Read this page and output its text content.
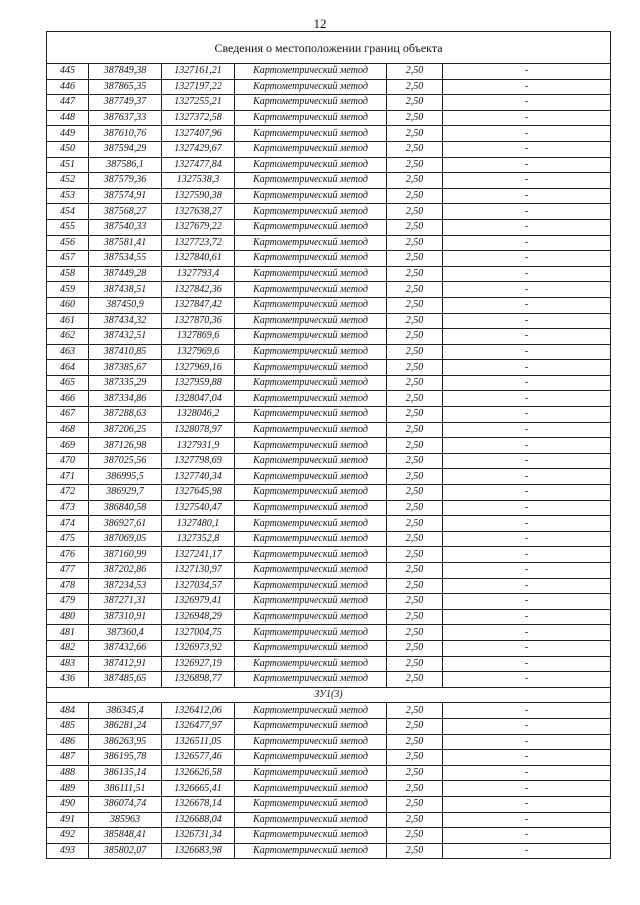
12
Сведения о местоположении границ объекта					
445	387849,38	1327161,21	Картометрический метод	2,50	-
446	387865,35	1327197,22	Картометрический метод	2,50	-
447	387749,37	1327255,21	Картометрический метод	2,50	-
448	387637,33	1327372,58	Картометрический метод	2,50	-
449	387610,76	1327407,96	Картометрический метод	2,50	-
450	387594,29	1327429,67	Картометрический метод	2,50	-
451	387586,1	1327477,84	Картометрический метод	2,50	-
452	387579,36	1327538,3	Картометрический метод	2,50	-
453	387574,91	1327590,38	Картометрический метод	2,50	-
454	387568,27	1327638,27	Картометрический метод	2,50	-
455	387540,33	1327679,22	Картометрический метод	2,50	-
456	387581,41	1327723,72	Картометрический метод	2,50	-
457	387534,55	1327840,61	Картометрический метод	2,50	-
458	387449,28	1327793,4	Картометрический метод	2,50	-
459	387438,51	1327842,36	Картометрический метод	2,50	-
460	387450,9	1327847,42	Картометрический метод	2,50	-
461	387434,32	1327870,36	Картометрический метод	2,50	-
462	387432,51	1327869,6	Картометрический метод	2,50	-
463	387410,85	1327969,6	Картометрический метод	2,50	-
464	387385,67	1327969,16	Картометрический метод	2,50	-
465	387335,29	1327959,88	Картометрический метод	2,50	-
466	387334,86	1328047,04	Картометрический метод	2,50	-
467	387288,63	1328046,2	Картометрический метод	2,50	-
468	387206,25	1328078,97	Картометрический метод	2,50	-
469	387126,98	1327931,9	Картометрический метод	2,50	-
470	387025,56	1327798,69	Картометрический метод	2,50	-
471	386995,5	1327740,34	Картометрический метод	2,50	-
472	386929,7	1327645,98	Картометрический метод	2,50	-
473	386840,58	1327540,47	Картометрический метод	2,50	-
474	386927,61	1327480,1	Картометрический метод	2,50	-
475	387069,05	1327352,8	Картометрический метод	2,50	-
476	387160,99	1327241,17	Картометрический метод	2,50	-
477	387202,86	1327130,97	Картометрический метод	2,50	-
478	387234,53	1327034,57	Картометрический метод	2,50	-
479	387271,31	1326979,41	Картометрический метод	2,50	-
480	387310,91	1326948,29	Картометрический метод	2,50	-
481	387360,4	1327004,75	Картометрический метод	2,50	-
482	387432,66	1326973,92	Картометрический метод	2,50	-
483	387412,91	1326927,19	Картометрический метод	2,50	-
436	387485,65	1326898,77	Картометрический метод	2,50	-
ЗУ1(3)					
484	386345,4	1326412,06	Картометрический метод	2,50	-
485	386281,24	1326477,97	Картометрический метод	2,50	-
486	386263,95	1326511,05	Картометрический метод	2,50	-
487	386195,78	1326577,46	Картометрический метод	2,50	-
488	386135,14	1326626,58	Картометрический метод	2,50	-
489	386111,51	1326665,41	Картометрический метод	2,50	-
490	386074,74	1326678,14	Картометрический метод	2,50	-
491	385963	1326688,04	Картометрический метод	2,50	-
492	385848,41	1326731,34	Картометрический метод	2,50	-
493	385802,07	1326683,98	Картометрический метод	2,50	-
